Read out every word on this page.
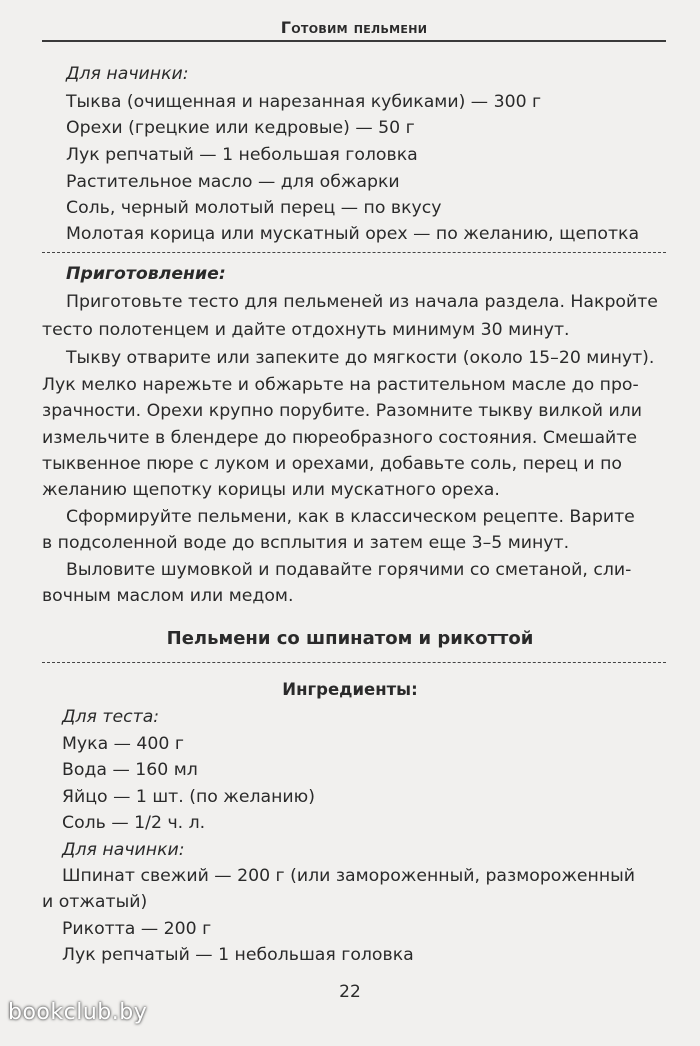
Готовим пельмени
Для начинки:
Тыква (очищенная и нарезанная кубиками) — 300 г
Орехи (грецкие или кедровые) — 50 г
Лук репчатый — 1 небольшая головка
Растительное масло — для обжарки
Соль, черный молотый перец — по вкусу
Молотая корица или мускатный орех — по желанию, щепотка
Приготовление:
Приготовьте тесто для пельменей из начала раздела. Накройте
тесто полотенцем и дайте отдохнуть минимум 30 минут.
Тыкву отварите или запеките до мягкости (около 15–20 минут).
Лук мелко нарежьте и обжарьте на растительном масле до про-
зрачности. Орехи крупно порубите. Разомните тыкву вилкой или
измельчите в блендере до пюреобразного состояния. Смешайте
тыквенное пюре с луком и орехами, добавьте соль, перец и по
желанию щепотку корицы или мускатного ореха.
Сформируйте пельмени, как в классическом рецепте. Варите
в подсоленной воде до всплытия и затем еще 3–5 минут.
Выловите шумовкой и подавайте горячими со сметаной, сли-
вочным маслом или медом.
Пельмени со шпинатом и рикоттой
Ингредиенты:
Для теста:
Мука — 400 г
Вода — 160 мл
Яйцо — 1 шт. (по желанию)
Соль — 1/2 ч. л.
Для начинки:
Шпинат свежий — 200 г (или замороженный, размороженный
и отжатый)
Рикотта — 200 г
Лук репчатый — 1 небольшая головка
22
bookclub.by
